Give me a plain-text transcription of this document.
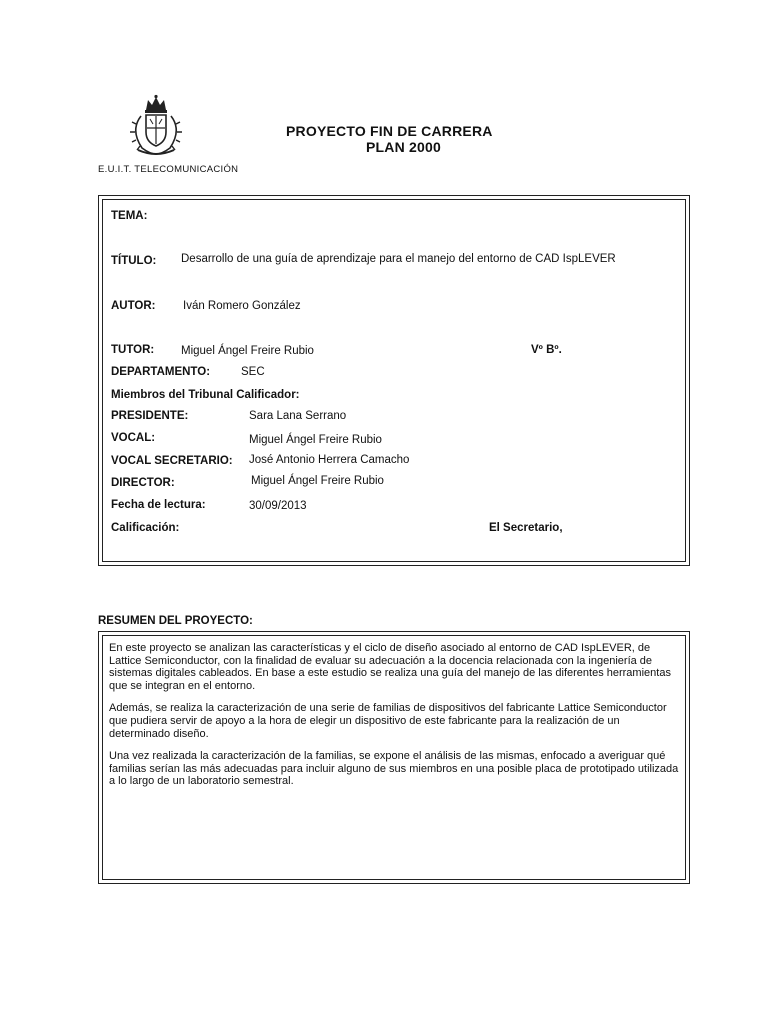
E.U.I.T. TELECOMUNICACIÓN
PROYECTO FIN DE CARRERA
PLAN 2000
TEMA:
TÍTULO: Desarrollo de una guía de aprendizaje para el manejo del entorno de CAD IspLEVER
AUTOR: Iván Romero González
TUTOR: Miguel Ángel Freire Rubio	Vº Bº.
DEPARTAMENTO:	SEC
Miembros del Tribunal Calificador:
PRESIDENTE:	Sara Lana Serrano
VOCAL:	Miguel Ángel Freire Rubio
VOCAL SECRETARIO: José Antonio Herrera Camacho
DIRECTOR:	Miguel Ángel Freire Rubio
Fecha de lectura:	30/09/2013
Calificación:	El Secretario,
RESUMEN DEL PROYECTO:

En este proyecto se analizan las características y el ciclo de diseño asociado al entorno de CAD IspLEVER, de Lattice Semiconductor, con la finalidad de evaluar su adecuación a la docencia relacionada con la ingeniería de sistemas digitales cableados. En base a este estudio se realiza una guía del manejo de las diferentes herramientas que se integran en el entorno.

Además, se realiza la caracterización de una serie de familias de dispositivos del fabricante Lattice Semiconductor que pudiera servir de apoyo a la hora de elegir un dispositivo de este fabricante para la realización de un determinado diseño.

Una vez realizada la caracterización de la familias, se expone el análisis de las mismas, enfocado a averiguar qué familias serían las más adecuadas para incluir alguno de sus miembros en una posible placa de prototipado utilizada a lo largo de un laboratorio semestral.
